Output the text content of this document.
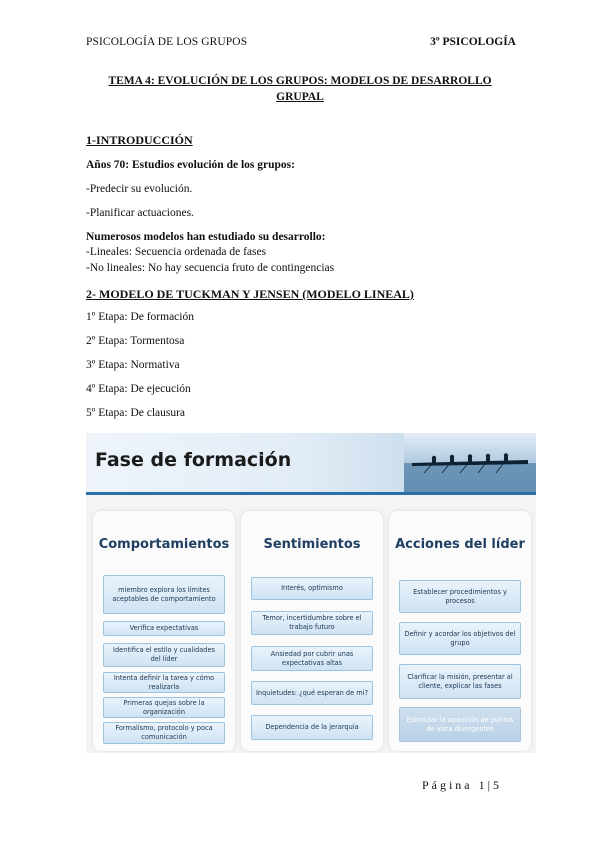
PSICOLOGÍA DE LOS GRUPOS	3º PSICOLOGÍA
TEMA 4: EVOLUCIÓN DE LOS GRUPOS: MODELOS DE DESARROLLO GRUPAL
1-INTRODUCCIÓN
Años 70: Estudios evolución de los grupos:
-Predecir su evolución.
-Planificar actuaciones.
Numerosos modelos han estudiado su desarrollo:
-Lineales: Secuencia ordenada de fases
-No lineales: No hay secuencia fruto de contingencias
2- MODELO DE TUCKMAN Y JENSEN (MODELO LINEAL)
1º Etapa: De formación
2º Etapa: Tormentosa
3º Etapa: Normativa
4º Etapa: De ejecución
5º Etapa: De clausura
Fase de formación
Comportamientos
miembro explora los límites aceptables de comportamiento
Verifica expectativas
Identifica el estilo y cualidades del líder
Intenta definir la tarea y cómo realizarla
Primeras quejas sobre la organización
Formalismo, protocolo y poca comunicación
Sentimientos
Interés, optimismo
Temor, incertidumbre sobre el trabajo futuro
Ansiedad por cubrir unas expectativas altas
Inquietudes: ¿qué esperan de mi?
Dependencia de la jerarquía
Acciones del líder
Establecer procedimientos y procesos
Definir y acordar los objetivos del grupo
Clarificar la misión, presentar al cliente, explicar las fases
Estimular la aparición de puntos de vista divergentes
Página 1|5
